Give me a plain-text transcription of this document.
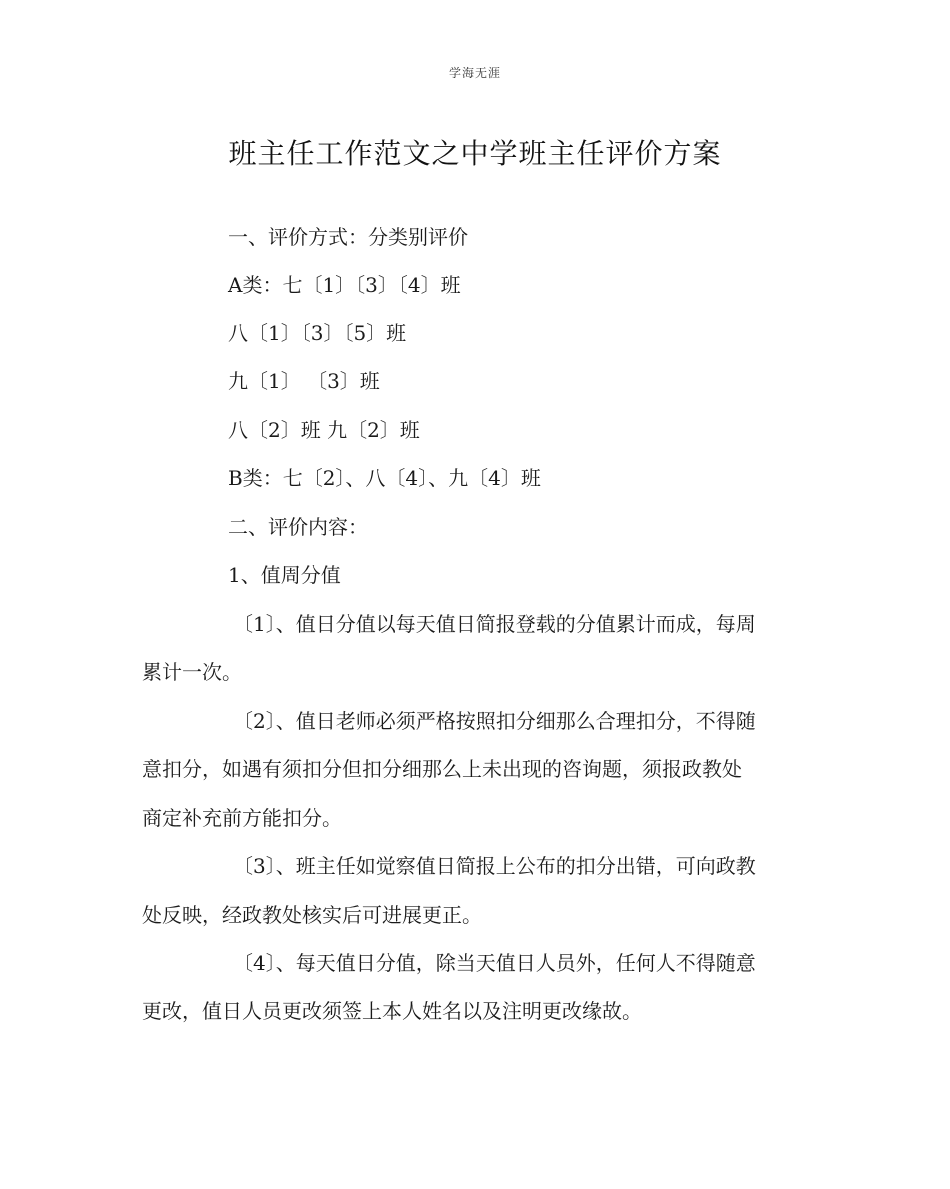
学海无涯
班主任工作范文之中学班主任评价方案
一、评价方式：分类别评价
A类：七〔1〕〔3〕〔4〕班
八〔1〕〔3〕〔5〕班
九〔1〕 〔3〕班
八〔2〕班 九〔2〕班
B类：七〔2〕、八〔4〕、九〔4〕班
二、评价内容：
1、值周分值
〔1〕、值日分值以每天值日简报登载的分值累计而成，每周
累计一次。
〔2〕、值日老师必须严格按照扣分细那么合理扣分，不得随
意扣分，如遇有须扣分但扣分细那么上未出现的咨询题，须报政教处
商定补充前方能扣分。
〔3〕、班主任如觉察值日简报上公布的扣分出错，可向政教
处反映，经政教处核实后可进展更正。
〔4〕、每天值日分值，除当天值日人员外，任何人不得随意
更改，值日人员更改须签上本人姓名以及注明更改缘故。
